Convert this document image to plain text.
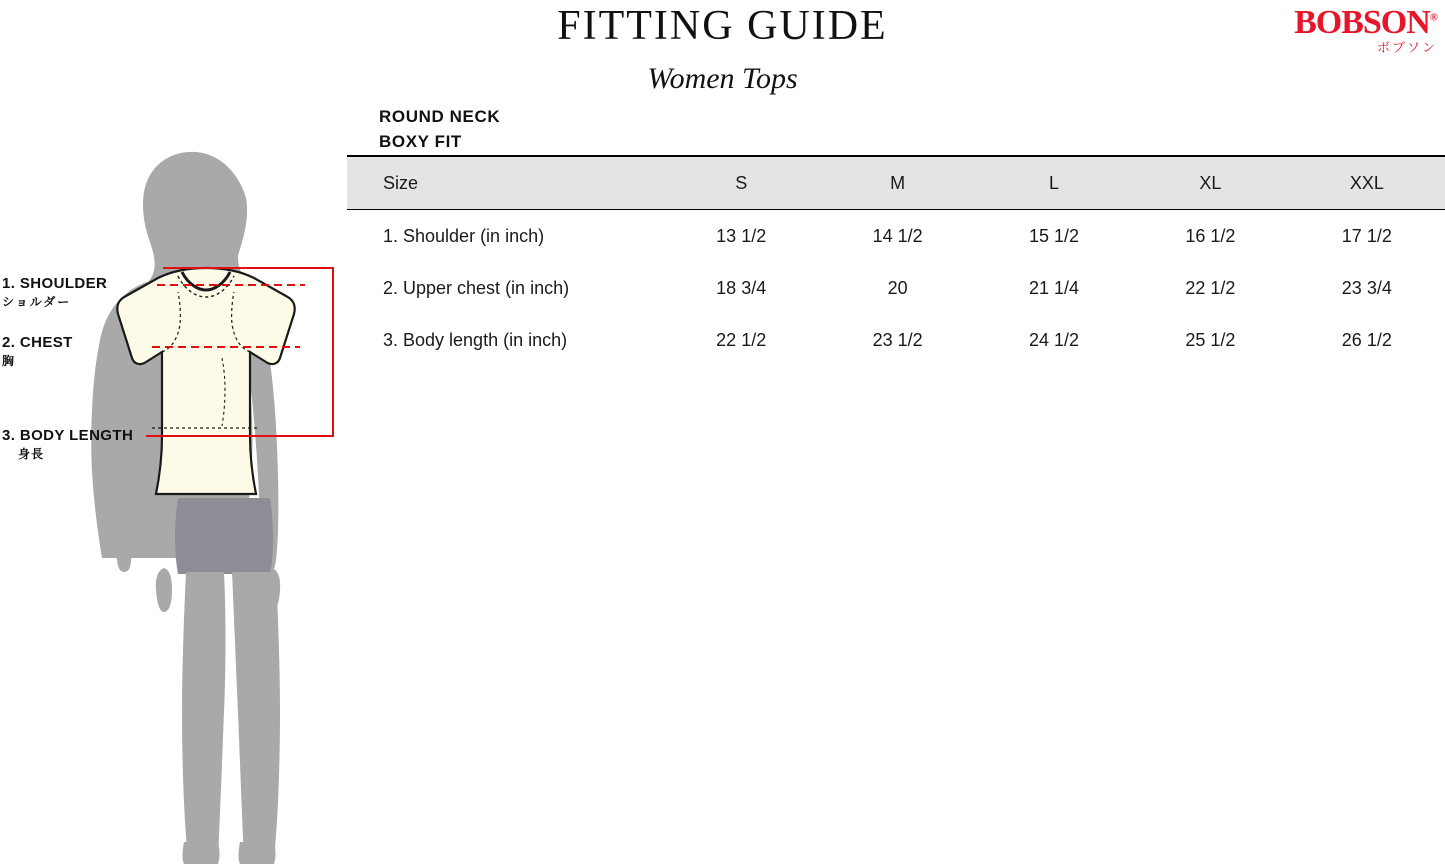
FITTING GUIDE
Women Tops
BOBSON®
ボブソン
ROUND NECK
BOXY FIT
Size	S	M	L	XL	XXL
1. Shoulder (in inch)	13 1/2	14 1/2	15 1/2	16 1/2	17 1/2
2. Upper chest (in inch)	18 3/4	20	21 1/4	22 1/2	23 3/4
3. Body length (in inch)	22 1/2	23 1/2	24 1/2	25 1/2	26 1/2
1. SHOULDER
ショルダー
2. CHEST
胸
3. BODY LENGTH
身長
